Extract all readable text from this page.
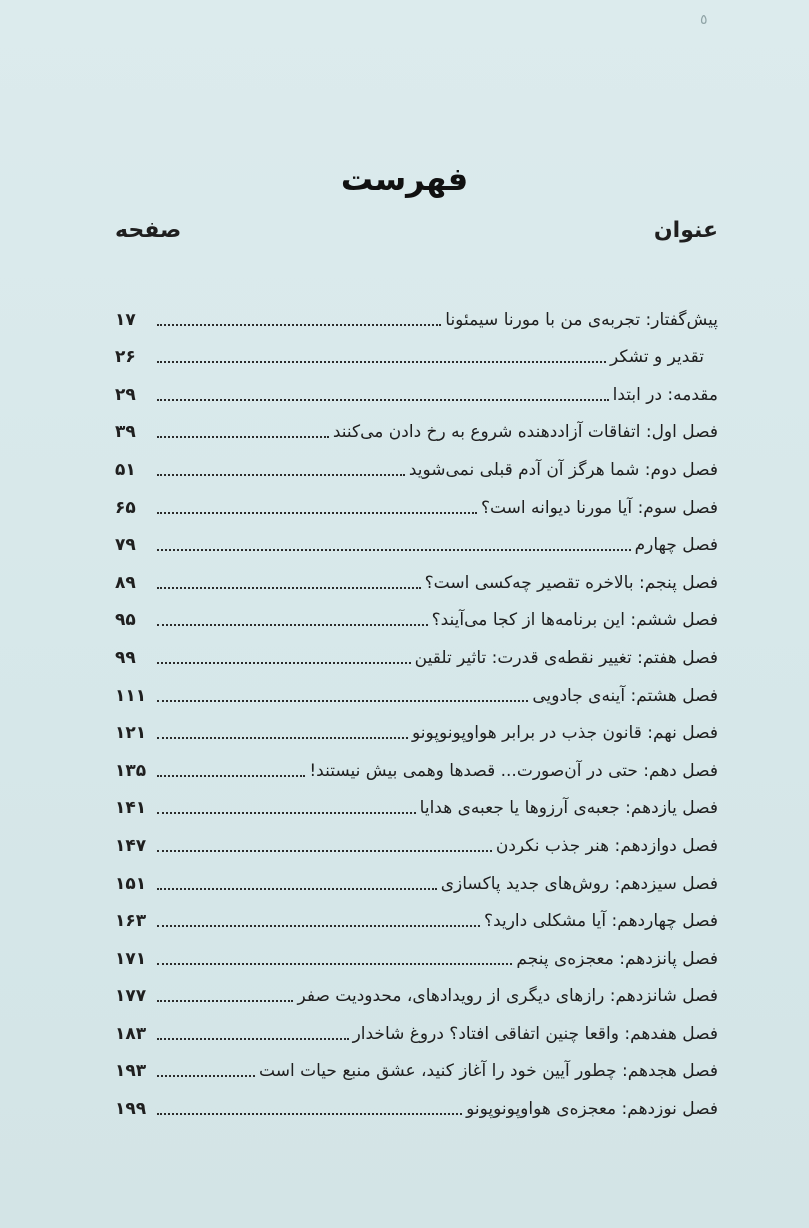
٥
فهرست
عنوان
صفحه
پیش‌گفتار: تجربه‌ی من با مورنا سیمئونا
۱۷
تقدیر و تشکر
۲۶
مقدمه: در ابتدا
۲۹
فصل اول: اتفاقات آزاددهنده شروع به رخ دادن می‌کنند
۳۹
فصل دوم: شما هرگز آن آدم قبلی نمی‌شوید
۵۱
فصل سوم: آیا مورنا دیوانه است؟
۶۵
فصل چهارم
۷۹
فصل پنجم: بالاخره تقصیر چه‌کسی است؟
۸۹
فصل ششم: این برنامه‌ها از کجا می‌آیند؟
۹۵
فصل هفتم: تغییر نقطه‌ی قدرت: تاثیر تلقین
۹۹
فصل هشتم: آینه‌ی جادویی
۱۱۱
فصل نهم: قانون جذب در برابر هواوپونوپونو
۱۲۱
فصل دهم: حتی در آن‌صورت... قصدها وهمی بیش نیستند!
۱۳۵
فصل یازدهم: جعبه‌ی آرزوها یا جعبه‌ی هدایا
۱۴۱
فصل دوازدهم: هنر جذب نکردن
۱۴۷
فصل سیزدهم: روش‌های جدید پاکسازی
۱۵۱
فصل چهاردهم: آیا مشکلی دارید؟
۱۶۳
فصل پانزدهم: معجزه‌ی پنجم
۱۷۱
فصل شانزدهم: رازهای دیگری از رویدادهای، محدودیت صفر
۱۷۷
فصل هفدهم: واقعا چنین اتفاقی افتاد؟ دروغ شاخدار
۱۸۳
فصل هجدهم: چطور آیین خود را آغاز کنید، عشق منبع حیات است
۱۹۳
فصل نوزدهم: معجزه‌ی هواوپونوپونو
۱۹۹
